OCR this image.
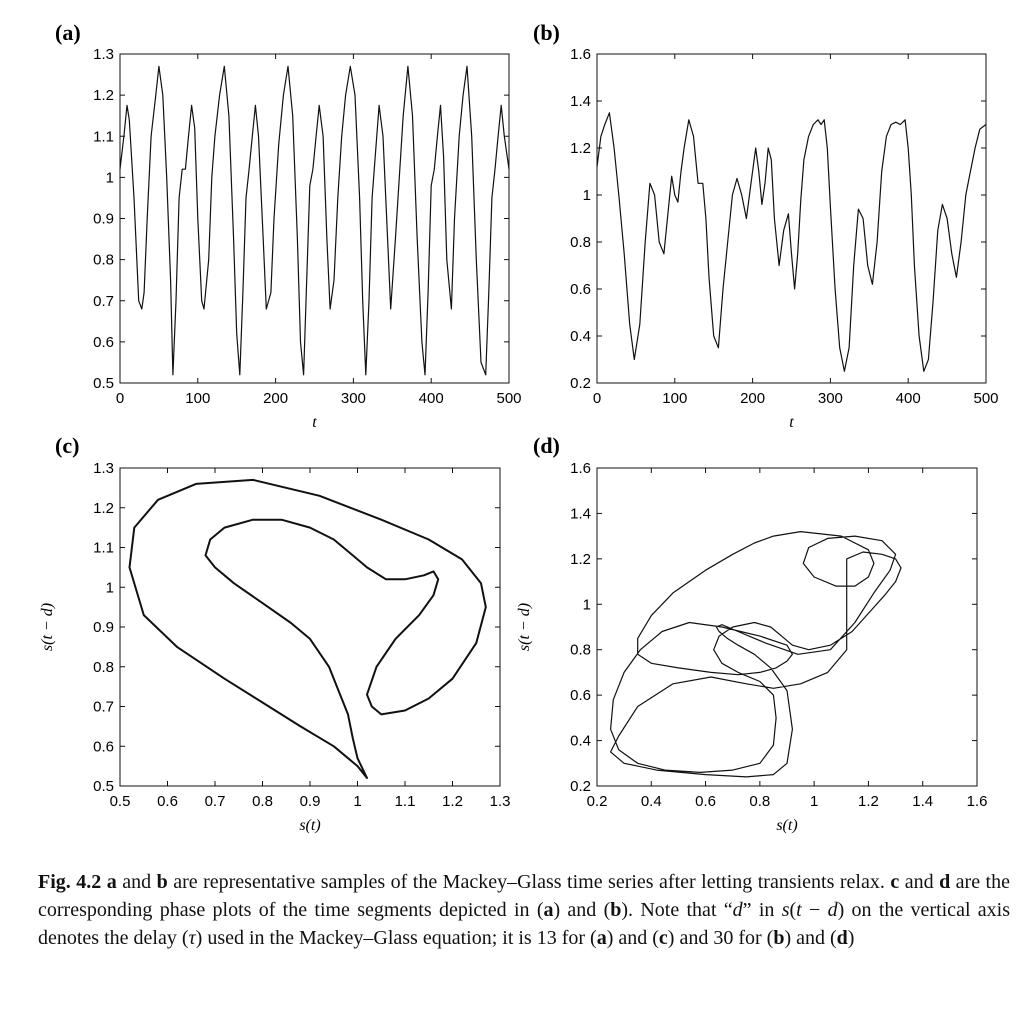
(a)
0	100	200	300	400	500
0.5
0.6
0.7
0.8
0.9
1
1.1
1.2
1.3
t
(b)
0	100	200	300	400	500
0.2
0.4
0.6
0.8
1
1.2
1.4
1.6
t
(c)
0.5 0.6 0.7 0.8 0.9 1 1.1 1.2 1.3
0.5
0.6
0.7
0.8
0.9
1
1.1
1.2
1.3
s(t)
s(t − d)
(d)
0.2 0.4 0.6 0.8	1	1.2 1.4 1.6
0.2
0.4
0.6
0.8
1
1.2
1.4
1.6
s(t)
s(t − d)
Fig. 4.2 a and b are representative samples of the Mackey–Glass time series after letting transients relax. c and d are the corresponding phase plots of the time segments depicted in (a) and (b). Note that “d” in s(t − d) on the vertical axis denotes the delay (τ) used in the Mackey–Glass equation; it is 13 for (a) and (c) and 30 for (b) and (d)
